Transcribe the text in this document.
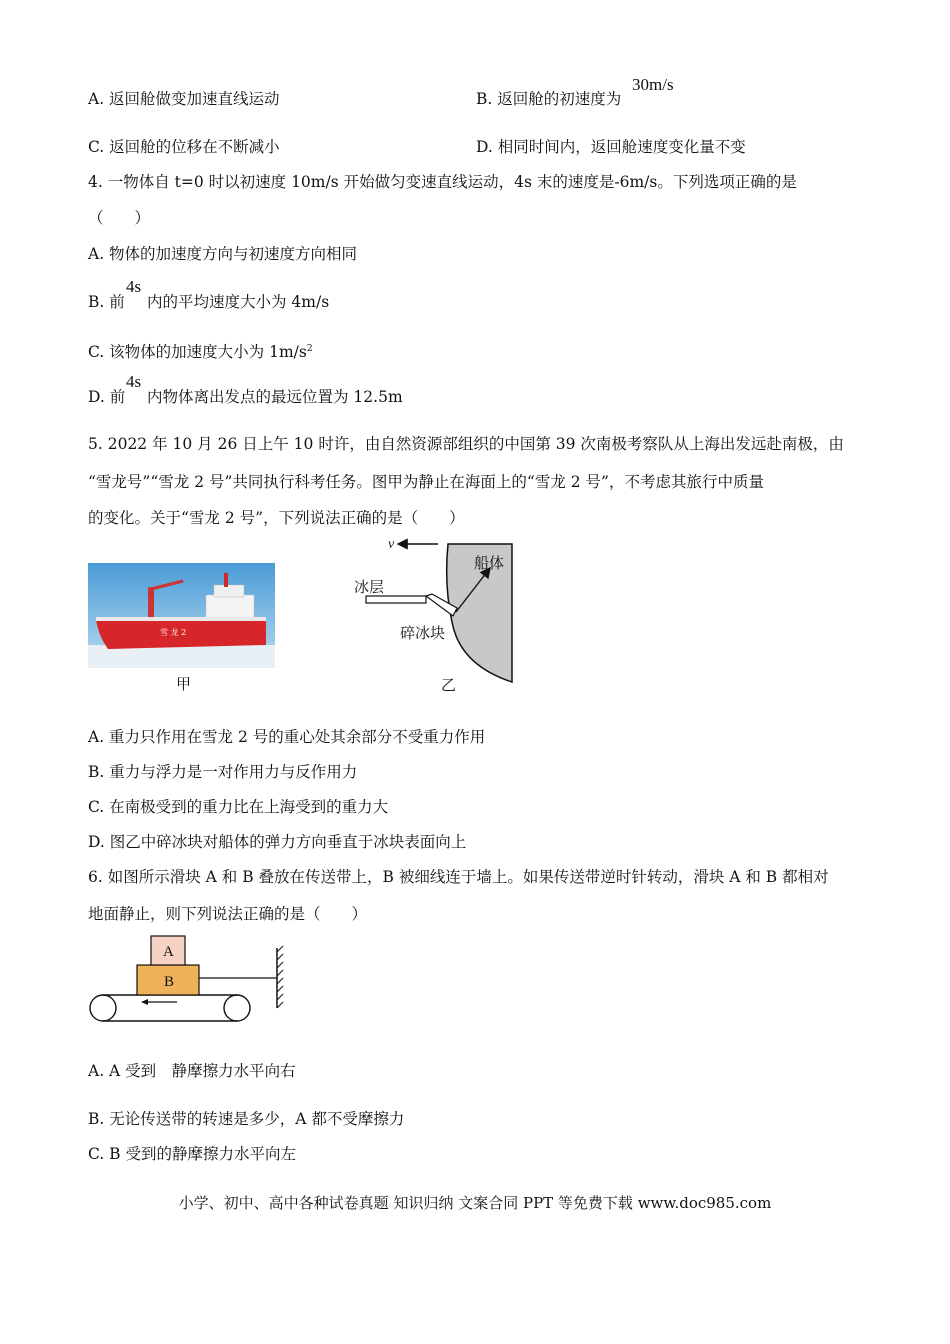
A. 返回舱做变加速直线运动	B. 返回舱的初速度为
30m/s
C. 返回舱的位移在不断减小	D. 相同时间内，返回舱速度变化量不变
4. 一物体自 t=0 时以初速度 10m/s 开始做匀变速直线运动，4s 末的速度是-6m/s。下列选项正确的是
（　　）
A. 物体的加速度方向与初速度方向相同
B. 前
4s
内的平均速度大小为 4m/s
C. 该物体的加速度大小为 $1m/s^2$
D. 前
4s
内物体离出发点的最远位置为 12.5m
5. 2022 年 10 月 26 日上午 10 时许，由自然资源部组织的中国第 39 次南极考察队从上海出发远赴南极，由
“雪龙号”“雪龙 2 号”共同执行科考任务。图甲为静止在海面上的“雪龙 2 号”，不考虑其旅行中质量
的变化。关于“雪龙 2 号”，下列说法正确的是（　　）
雪 龙 2
甲
v
船体
冰层
碎冰块
乙
A. 重力只作用在雪龙 2 号的重心处其余部分不受重力作用
B. 重力与浮力是一对作用力与反作用力
C. 在南极受到的重力比在上海受到的重力大
D. 图乙中碎冰块对船体的弹力方向垂直于冰块表面向上
6. 如图所示滑块 A 和 B 叠放在传送带上，B 被细线连于墙上。如果传送带逆时针转动，滑块 A 和 B 都相对
地面静止，则下列说法正确的是（　　）
A
B
A. A 受到　静摩擦力水平向右
B. 无论传送带的转速是多少，A 都不受摩擦力
C. B 受到的静摩擦力水平向左
小学、初中、高中各种试卷真题 知识归纳 文案合同 PPT 等免费下载 www.doc985.com
